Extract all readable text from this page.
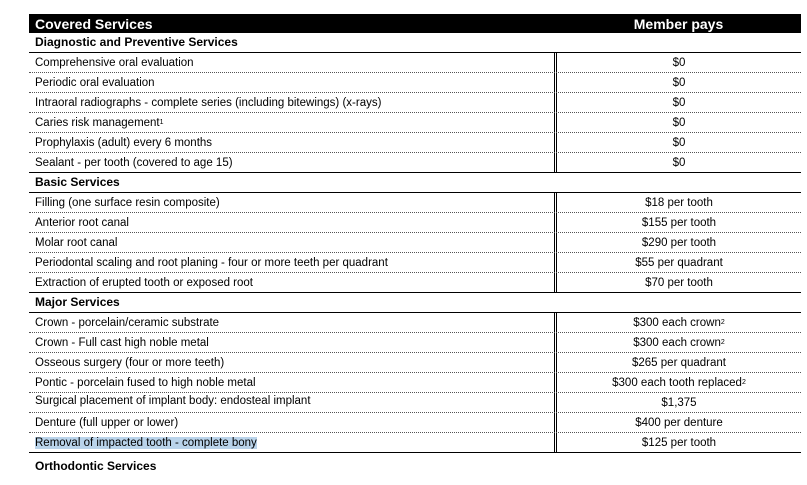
Covered Services	Member pays
Diagnostic and Preventive Services
Comprehensive oral evaluation	$0
Periodic oral evaluation	$0
Intraoral radiographs - complete series (including bitewings) (x-rays)	$0
Caries risk management 1	$0
Prophylaxis (adult) every 6 months	$0
Sealant - per tooth (covered to age 15)	$0
Basic Services
Filling (one surface resin composite)	$18 per tooth
Anterior root canal	$155 per tooth
Molar root canal	$290 per tooth
Periodontal scaling and root planing - four or more teeth per quadrant	$55 per quadrant
Extraction of erupted tooth or exposed root	$70 per tooth
Major Services
Crown - porcelain/ceramic substrate	$300 each crown 2
Crown - Full cast high noble metal	$300 each crown 2
Osseous surgery (four or more teeth)	$265 per quadrant
Pontic - porcelain fused to high noble metal	$300 each tooth replaced 2
Surgical placement of implant body: endosteal implant	$1,375
Denture (full upper or lower)	$400 per denture
Removal of impacted tooth - complete bony	$125 per tooth
Orthodontic Services
